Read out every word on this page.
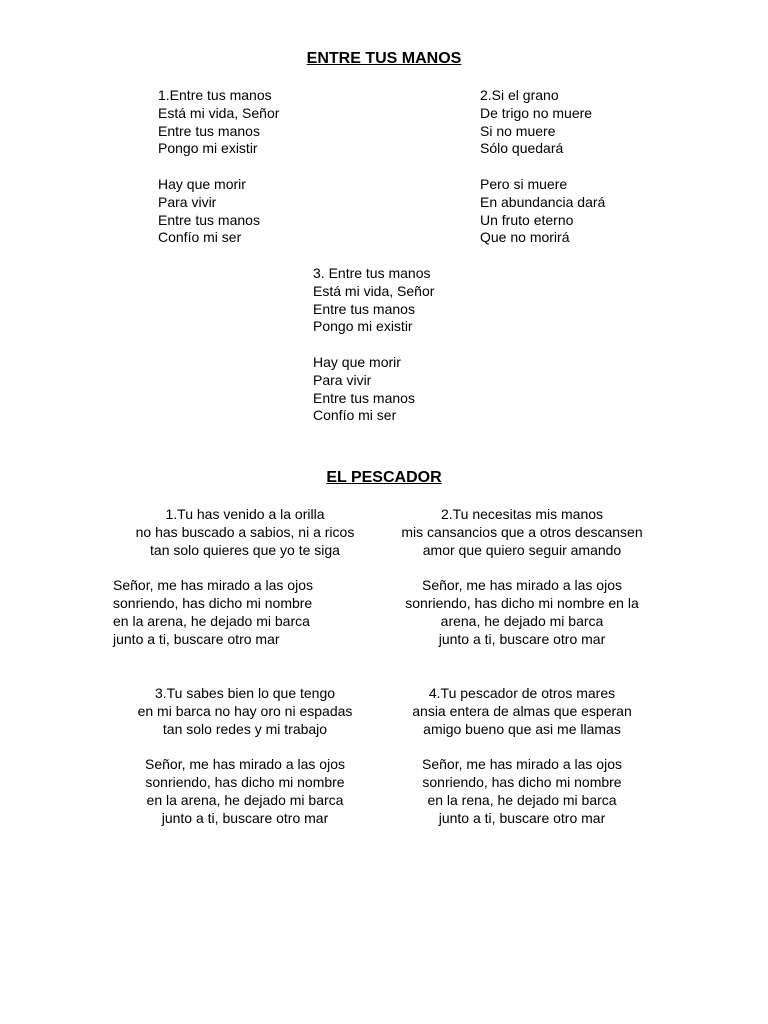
ENTRE TUS MANOS
1.Entre tus manos
Está mi vida, Señor
Entre tus manos
Pongo mi existir
Hay que morir
Para vivir
Entre tus manos
Confío mi ser
2.Si el grano
De trigo no muere
Si no muere
Sólo quedará
Pero si muere
En abundancia dará
Un fruto eterno
Que no morirá
3. Entre tus manos
Está mi vida, Señor
Entre tus manos
Pongo mi existir
Hay que morir
Para vivir
Entre tus manos
Confío mi ser
EL PESCADOR
1.Tu has venido a la orilla
no has buscado a sabios, ni a ricos
tan solo quieres que yo te siga
Señor, me has mirado a las ojos
sonriendo, has dicho mi nombre
en la arena, he dejado mi barca
junto a ti, buscare otro mar
2.Tu necesitas mis manos
mis cansancios que a otros descansen
amor que quiero seguir amando
Señor, me has mirado a las ojos
sonriendo, has dicho mi nombre en la
arena, he dejado mi barca
junto a ti, buscare otro mar
3.Tu sabes bien lo que tengo
en mi barca no hay oro ni espadas
tan solo redes y mi trabajo
Señor, me has mirado a las ojos
sonriendo, has dicho mi nombre
en la arena, he dejado mi barca
junto a ti, buscare otro mar
4.Tu pescador de otros mares
ansia entera de almas que esperan
amigo bueno que asi me llamas
Señor, me has mirado a las ojos
sonriendo, has dicho mi nombre
en la rena, he dejado mi barca
junto a ti, buscare otro mar
